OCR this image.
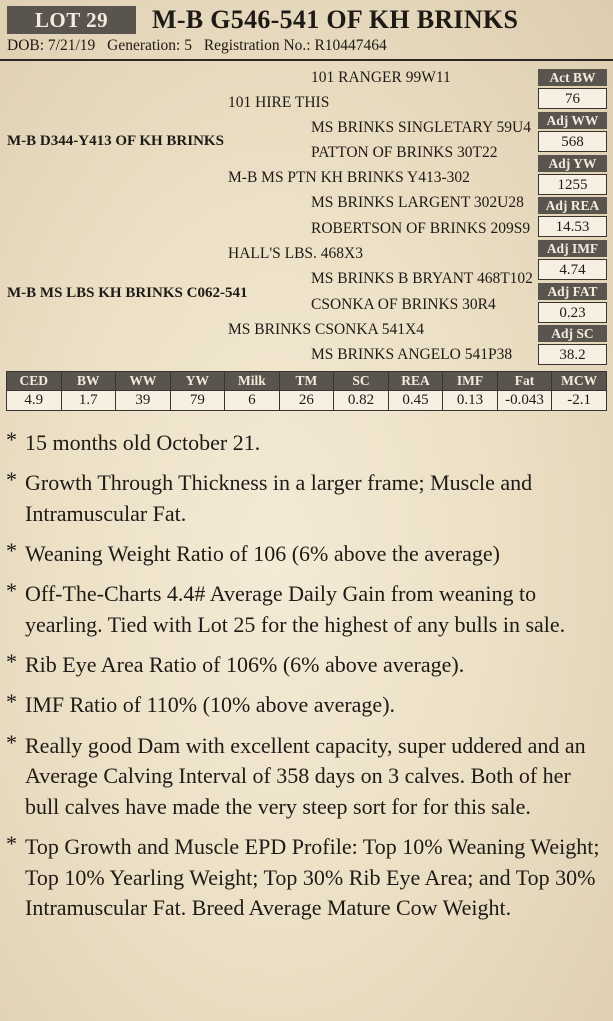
LOT 29	M-B G546-541 OF KH BRINKS
DOB: 7/21/19 Generation: 5 Registration No.: R10447464
101 RANGER 99W11
101 HIRE THIS
MS BRINKS SINGLETARY 59U4
M-B D344-Y413 OF KH BRINKS
PATTON OF BRINKS 30T22
M-B MS PTN KH BRINKS Y413-302
MS BRINKS LARGENT 302U28
ROBERTSON OF BRINKS 209S9
HALL'S LBS. 468X3
MS BRINKS B BRYANT 468T102
M-B MS LBS KH BRINKS C062-541
CSONKA OF BRINKS 30R4
MS BRINKS CSONKA 541X4
MS BRINKS ANGELO 541P38
Act BW
76
Adj WW
568
Adj YW
1255
Adj REA
14.53
Adj IMF
4.74
Adj FAT
0.23
Adj SC
38.2
CED	BW	WW	YW	Milk	TM	SC	REA	IMF	Fat	MCW
4.9	1.7	39	79	6	26	0.82	0.45	0.13	-0.043	-2.1
* 15 months old October 21.
* Growth Through Thickness in a larger frame; Muscle and Intramuscular Fat.
* Weaning Weight Ratio of 106 (6% above the average)
* Off-The-Charts 4.4# Average Daily Gain from weaning to yearling. Tied with Lot 25 for the highest of any bulls in sale.
* Rib Eye Area Ratio of 106% (6% above average).
* IMF Ratio of 110% (10% above average).
* Really good Dam with excellent capacity, super uddered and an Average Calving Interval of 358 days on 3 calves. Both of her bull calves have made the very steep sort for for this sale.
* Top Growth and Muscle EPD Profile: Top 10% Weaning Weight; Top 10% Yearling Weight; Top 30% Rib Eye Area; and Top 30% Intramuscular Fat. Breed Average Mature Cow Weight.
